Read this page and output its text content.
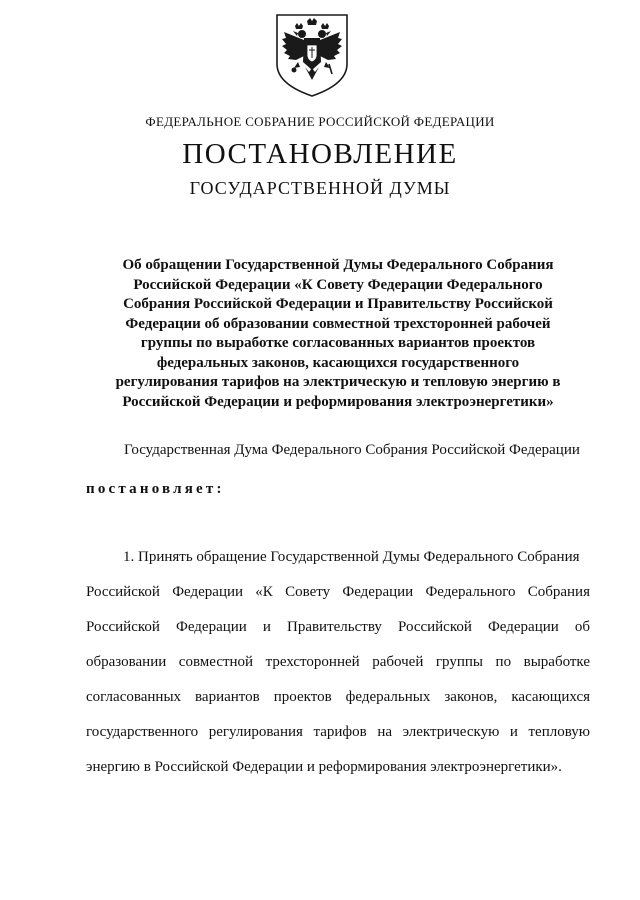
ФЕДЕРАЛЬНОЕ СОБРАНИЕ РОССИЙСКОЙ ФЕДЕРАЦИИ
ПОСТАНОВЛЕНИЕ
ГОСУДАРСТВЕННОЙ ДУМЫ
Об обращении Государственной Думы Федерального Собрания
Российской Федерации «К Совету Федерации Федерального
Собрания Российской Федерации и Правительству Российской
Федерации об образовании совместной трехсторонней рабочей
группы по выработке согласованных вариантов проектов
федеральных законов, касающихся государственного
регулирования тарифов на электрическую и тепловую энергию в
Российской Федерации и реформирования электроэнергетики»
Государственная Дума Федерального Собрания Российской Федерации
постановляет:
1. Принять обращение Государственной Думы Федерального Собрания
Российской Федерации «К Совету Федерации Федерального Собрания
Российской Федерации и Правительству Российской Федерации об
образовании совместной трехсторонней рабочей группы по выработке
согласованных вариантов проектов федеральных законов, касающихся
государственного регулирования тарифов на электрическую и тепловую
энергию в Российской Федерации и реформирования электроэнергетики».
